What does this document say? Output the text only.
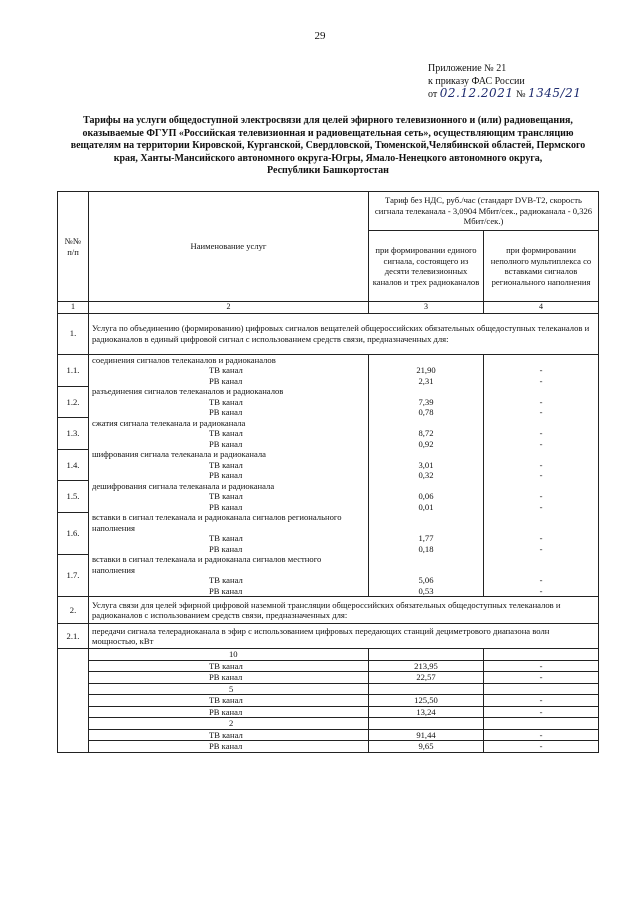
29
Приложение № 21
к приказу ФАС России
от 02.12.2021 № 1345/21
Тарифы на услуги общедоступной электросвязи для целей эфирного телевизионного и (или) радиовещания,
оказываемые ФГУП «Российская телевизионная и радиовещательная сеть», осуществляющим трансляцию
вещателям на территории Кировской, Курганской, Свердловской, Тюменской,Челябинской областей, Пермского
края, Ханты-Мансийского автономного округа-Югры, Ямало-Ненецкого автономного округа,
Республики Башкортостан
№№ п/п	Наименование услуг	Тариф без НДС, руб./час (стандарт DVB-T2, скорость сигнала телеканала - 3,0904 Мбит/сек., радиоканала - 0,326 Мбит/сек.)	
		при формировании единого сигнала, состоящего из десяти телевизионных каналов и трех радиоканалов	при формировании неполного мультиплекса со вставками сигналов регионального наполнения
1	2	3	4
1.	Услуга по объединению (формированию) цифровых сигналов вещателей общероссийских обязательных общедоступных телеканалов и радиоканалов в единый цифровой сигнал с использованием средств связи, предназначенных для:		
1.1.	соединения сигналов телеканалов и радиоканалов		
	ТВ канал	21,90	-
	РВ канал	2,31	-
1.2.	разъединения сигналов телеканалов и радиоканалов		
	ТВ канал	7,39	-
	РВ канал	0,78	-
1.3.	сжатия сигнала телеканала и радиоканала		
	ТВ канал	8,72	-
	РВ канал	0,92	-
1.4.	шифрования сигнала телеканала и радиоканала		
	ТВ канал	3,01	-
	РВ канал	0,32	-
1.5.	дешифрования сигнала телеканала и радиоканала		
	ТВ канал	0,06	-
	РВ канал	0,01	-
1.6.	вставки в сигнал телеканала и радиоканала сигналов регионального наполнения		
	ТВ канал	1,77	-
	РВ канал	0,18	-
1.7.	вставки в сигнал телеканала и радиоканала сигналов местного наполнения		
	ТВ канал	5,06	-
	РВ канал	0,53	-
2.	Услуга связи для целей эфирной цифровой наземной трансляции общероссийских обязательных общедоступных телеканалов и радиоканалов с использованием средств связи, предназначенных для:		
2.1.	передачи сигнала телерадиоканала в эфир с использованием цифровых передающих станций дециметрового диапазона волн мощностью, кВт		
	10		
	ТВ канал	213,95	-
	РВ канал	22,57	-
	5		
	ТВ канал	125,50	-
	РВ канал	13,24	-
	2		
	ТВ канал	91,44	-
	РВ канал	9,65	-
